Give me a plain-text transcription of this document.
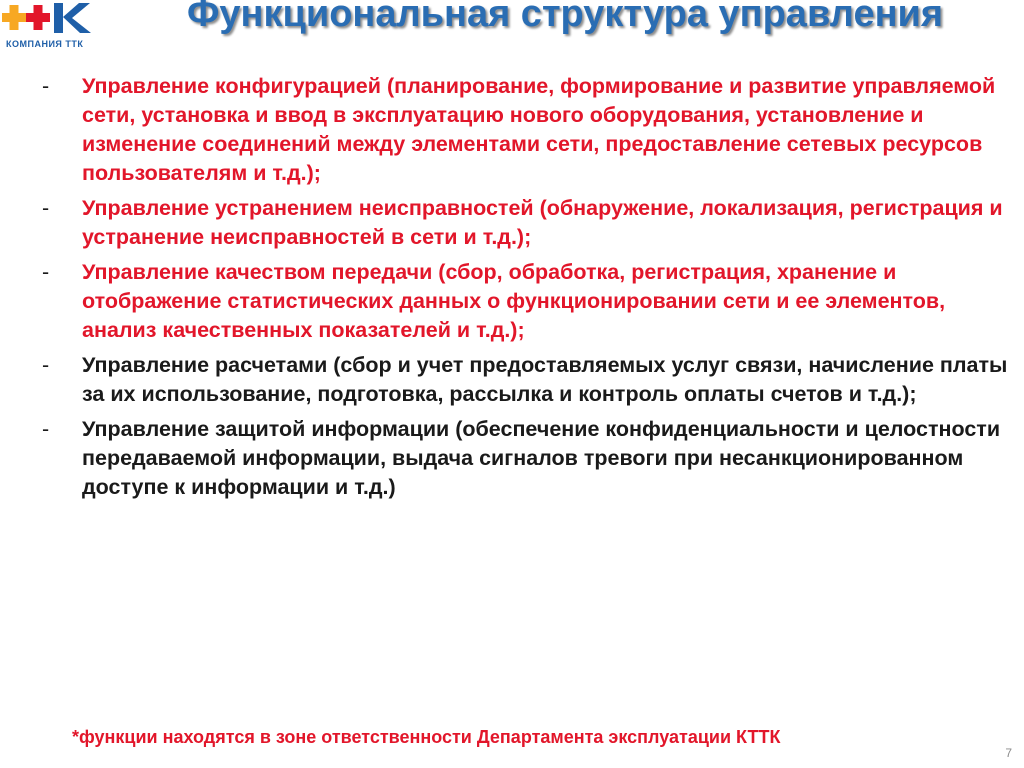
КОМПАНИЯ ТТК
Функциональная структура управления
- Управление конфигурацией (планирование, формирование и развитие управляемой сети, установка и ввод в эксплуатацию нового оборудования, установление и изменение соединений между элементами сети, предоставление сетевых ресурсов пользователям и т.д.);
- Управление устранением неисправностей (обнаружение, локализация, регистрация и устранение неисправностей в сети и т.д.);
- Управление качеством передачи (сбор, обработка, регистрация, хранение и отображение статистических данных о функционировании сети и ее элементов, анализ качественных показателей и т.д.);
- Управление расчетами (сбор и учет предоставляемых услуг связи, начисление платы за их использование, подготовка, рассылка и контроль оплаты счетов и т.д.);
- Управление защитой информации (обеспечение конфиденциальности и целостности передаваемой информации, выдача сигналов тревоги при несанкционированном доступе к информации и т.д.)
*функции находятся в зоне ответственности Департамента эксплуатации КТТК
7
